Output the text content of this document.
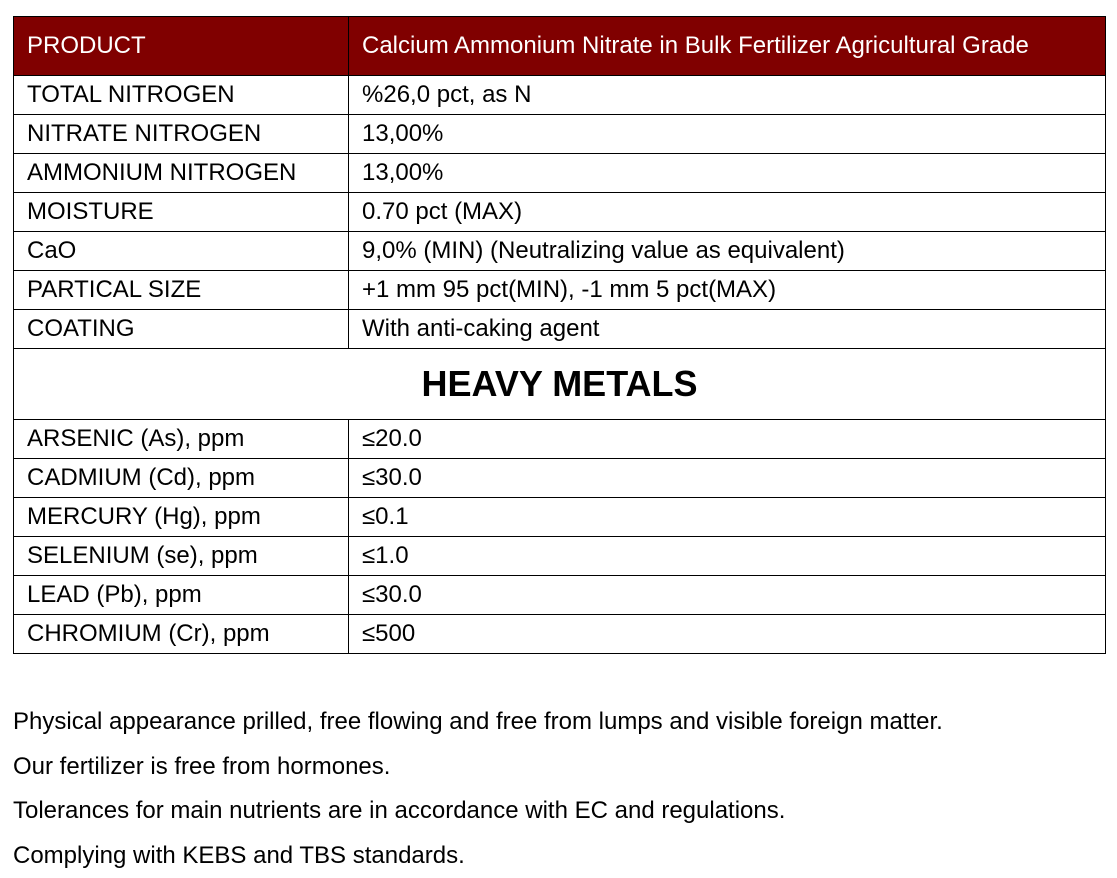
PRODUCT	Calcium Ammonium Nitrate in Bulk Fertilizer Agricultural Grade
TOTAL NITROGEN	%26,0 pct, as N
NITRATE NITROGEN	13,00%
AMMONIUM NITROGEN	13,00%
MOISTURE	0.70 pct (MAX)
CaO	9,0% (MIN) (Neutralizing value as equivalent)
PARTICAL SIZE	+1 mm 95 pct(MIN), -1 mm 5 pct(MAX)
COATING	With anti-caking agent
HEAVY METALS	
ARSENIC (As), ppm	≤20.0
CADMIUM (Cd), ppm	≤30.0
MERCURY (Hg), ppm	≤0.1
SELENIUM (se), ppm	≤1.0
LEAD (Pb), ppm	≤30.0
CHROMIUM (Cr), ppm	≤500
Physical appearance prilled, free flowing and free from lumps and visible foreign matter.
Our fertilizer is free from hormones.
Tolerances for main nutrients are in accordance with EC and regulations.
Complying with KEBS and TBS standards.
